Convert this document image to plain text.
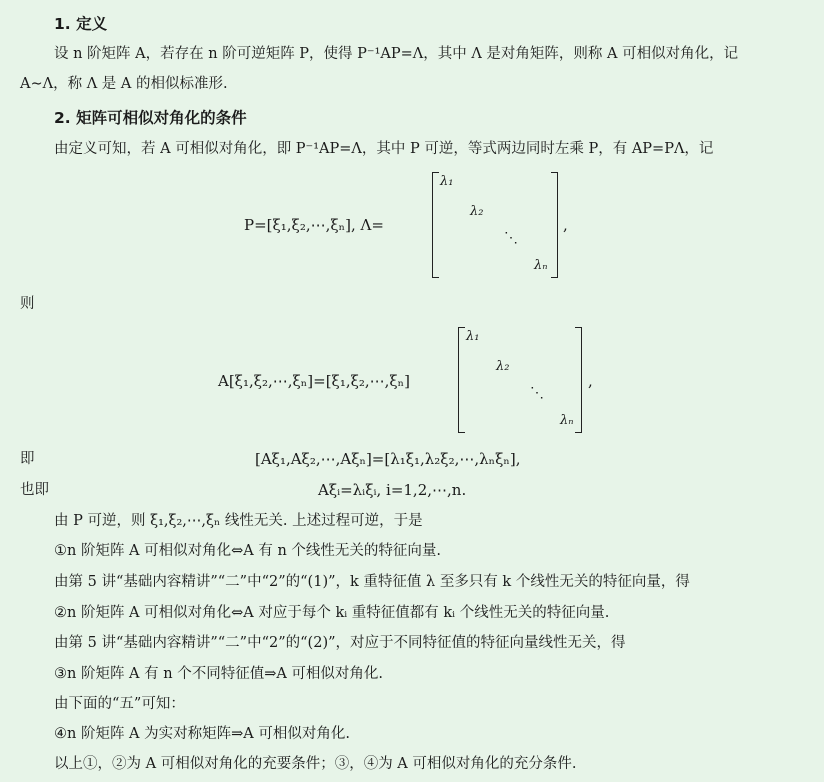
1. 定义
设 n 阶矩阵 A，若存在 n 阶可逆矩阵 P，使得 P⁻¹AP=Λ，其中 Λ 是对角矩阵，则称 A 可相似对角化，记
A∼Λ，称 Λ 是 A 的相似标准形.
2. 矩阵可相似对角化的条件
由定义可知，若 A 可相似对角化，即 P⁻¹AP=Λ，其中 P 可逆，等式两边同时左乘 P，有 AP=PΛ，记
P=[ξ₁,ξ₂,⋯,ξₙ], Λ=
λ₁
λ₂
⋱
λₙ
,
则
A[ξ₁,ξ₂,⋯,ξₙ]=[ξ₁,ξ₂,⋯,ξₙ]
λ₁
λ₂
⋱
λₙ
,
即	[Aξ₁,Aξ₂,⋯,Aξₙ]=[λ₁ξ₁,λ₂ξ₂,⋯,λₙξₙ],
也即	Aξᵢ=λᵢξᵢ, i=1,2,⋯,n.
由 P 可逆，则 ξ₁,ξ₂,⋯,ξₙ 线性无关. 上述过程可逆，于是
①n 阶矩阵 A 可相似对角化⇔A 有 n 个线性无关的特征向量.
由第 5 讲“基础内容精讲”“二”中“2”的“(1)”，k 重特征值 λ 至多只有 k 个线性无关的特征向量，得
②n 阶矩阵 A 可相似对角化⇔A 对应于每个 kᵢ 重特征值都有 kᵢ 个线性无关的特征向量.
由第 5 讲“基础内容精讲”“二”中“2”的“(2)”，对应于不同特征值的特征向量线性无关，得
③n 阶矩阵 A 有 n 个不同特征值⇒A 可相似对角化.
由下面的“五”可知：
④n 阶矩阵 A 为实对称矩阵⇒A 可相似对角化.
以上①，②为 A 可相似对角化的充要条件；③，④为 A 可相似对角化的充分条件.
